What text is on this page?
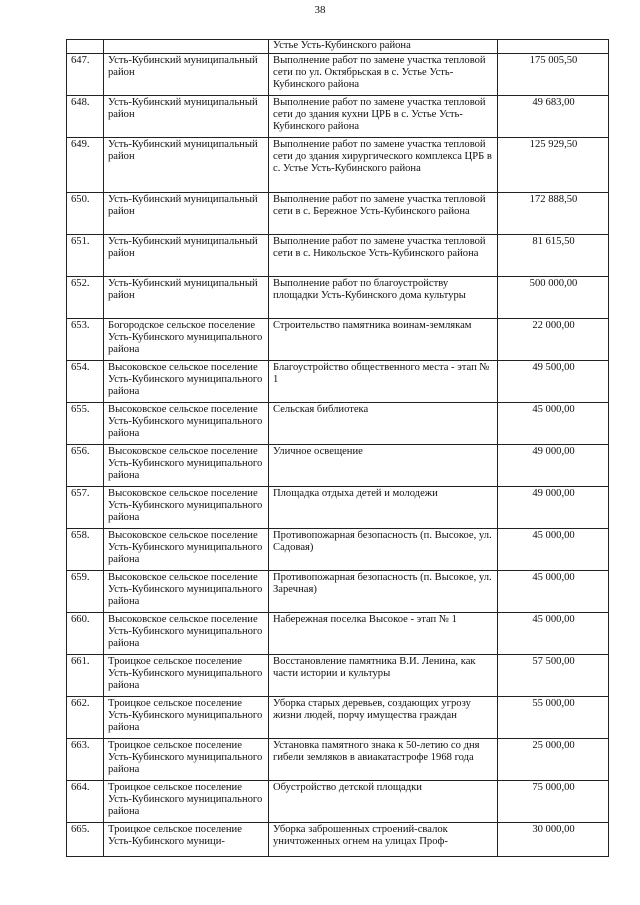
38
		Устье Усть-Кубинского района	
647.	Усть-Кубинский муниципальный район	Выполнение работ по замене участка тепловой сети по ул. Октябрьская в с. Устье Усть-Кубинского района	175 005,50
648.	Усть-Кубинский муниципальный район	Выполнение работ по замене участка тепловой сети до здания кухни ЦРБ в с. Устье Усть-Кубинского района	49 683,00
649.	Усть-Кубинский муниципальный район	Выполнение работ по замене участка тепловой сети до здания хирургического комплекса ЦРБ в с. Устье Усть-Кубинского района	125 929,50
650.	Усть-Кубинский муниципальный район	Выполнение работ по замене участка тепловой сети в с. Бережное Усть-Кубинского района	172 888,50
651.	Усть-Кубинский муниципальный район	Выполнение работ по замене участка тепловой сети в с. Никольское Усть-Кубинского района	81 615,50
652.	Усть-Кубинский муниципальный район	Выполнение работ по благоустройству площадки Усть-Кубинского дома культуры	500 000,00
653.	Богородское сельское поселение Усть-Кубинского муниципального района	Строительство памятника воинам-землякам	22 000,00
654.	Высоковское сельское поселение Усть-Кубинского муниципального района	Благоустройство общественного места - этап № 1	49 500,00
655.	Высоковское сельское поселение Усть-Кубинского муниципального района	Сельская библиотека	45 000,00
656.	Высоковское сельское поселение Усть-Кубинского муниципального района	Уличное освещение	49 000,00
657.	Высоковское сельское поселение Усть-Кубинского муниципального района	Площадка отдыха детей и молодежи	49 000,00
658.	Высоковское сельское поселение Усть-Кубинского муниципального района	Противопожарная безопасность (п. Высокое, ул. Садовая)	45 000,00
659.	Высоковское сельское поселение Усть-Кубинского муниципального района	Противопожарная безопасность (п. Высокое, ул. Заречная)	45 000,00
660.	Высоковское сельское поселение Усть-Кубинского муниципального района	Набережная поселка Высокое - этап № 1	45 000,00
661.	Троицкое сельское поселение Усть-Кубинского муниципального района	Восстановление памятника В.И. Ленина, как части истории и культуры	57 500,00
662.	Троицкое сельское поселение Усть-Кубинского муниципального района	Уборка старых деревьев, создающих угрозу жизни людей, порчу имущества граждан	55 000,00
663.	Троицкое сельское поселение Усть-Кубинского муниципального района	Установка памятного знака к 50-летию со дня гибели земляков в авиакатастрофе 1968 года	25 000,00
664.	Троицкое сельское поселение Усть-Кубинского муниципального района	Обустройство детской площадки	75 000,00
665.	Троицкое сельское поселение Усть-Кубинского муници-	Уборка заброшенных строений-свалок уничтоженных огнем на улицах Проф-	30 000,00
